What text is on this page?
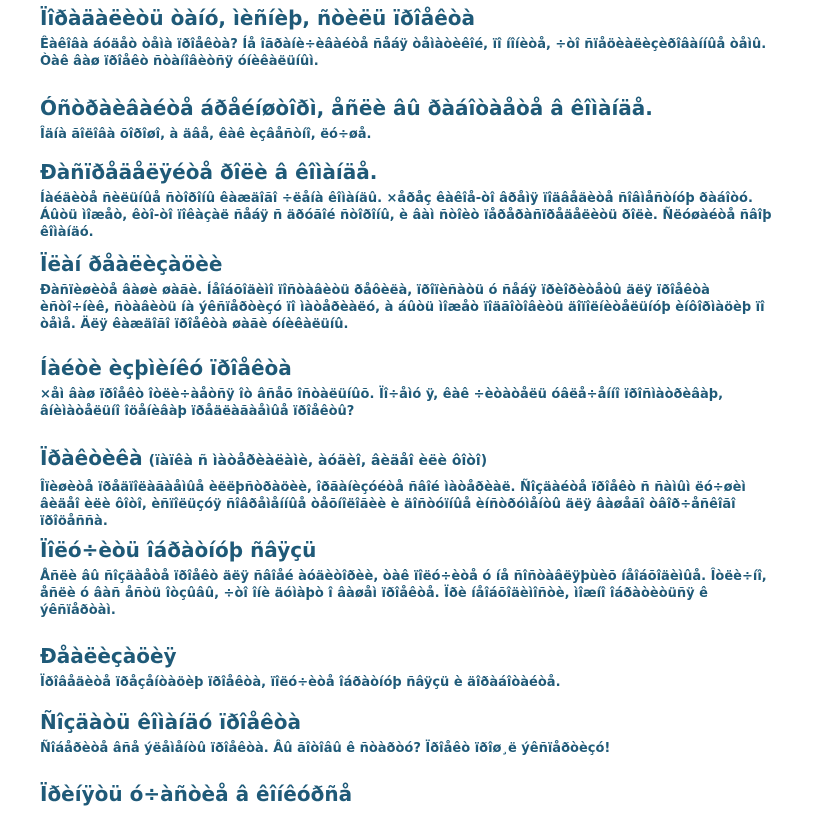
Ïîðàäàëèòü òàíó, ìèñíèþ, ñòèëü ïðîåêòà

Êàêîâà áóäåò òåìà ïðîåêòà? Íå îãðàíè÷èâàéòå ñåáÿ òåìàòèêîé, ïî íîíèòå, ÷òî ñïåöèàëèçèðîâàííûå òåìû. Òàê âàø ïðîåêò ñòàíîâèòñÿ óíèêàëüíûì.

Óñòðàèâàéòå áðåéíøòîðì, åñëè âû ðàáîòàåòå â êîìàíäå.

Îäíà ãîëîâà õîðîøî, à äâå, êàê èçâåñòíî, ëó÷øå.

Ðàñïðåäåëÿéòå ðîëè â êîìàíäå.

Íàéäèòå ñèëüíûå ñòîðîíû êàæäîãî ÷ëåíà êîìàíäû. ×åðåç êàêîå-òî âðåìÿ ïîäâåäèòå ñîâìåñòíóþ ðàáîòó. Áûòü ìîæåò, êòî-òî ïîêàçàë ñåáÿ ñ äðóãîé ñòîðîíû, è âàì ñòîèò ïåðåðàñïðåäåëèòü ðîëè. Ñëóøàéòå ñâîþ êîìàíäó.

Ïëàí ðåàëèçàöèè

Ðàñïèøèòå âàøè øàãè. Íåîáõîäèìî ïîñòàâèòü ðåôèëà, ïðîïèñàòü ó ñåáÿ ïðèîðèòåòû äëÿ ïðîåêòà èñòî÷íèê, ñòàâèòü íà ýêñïåðòèçó ïî ìàòåðèàëó, à áûòü ìîæåò ïîäãîòîâèòü äîïîëíèòåëüíóþ èíôîðìàöèþ ïî òåìå. Äëÿ êàæäîãî ïðîåêòà øàãè óíèêàëüíû.

Íàéòè èçþìèíêó ïðîåêòà

×åì âàø ïðîåêò îòëè÷àåòñÿ îò âñåõ îñòàëüíûõ. Ïî÷åìó ÿ, êàê ÷èòàòåëü óâëå÷åííî ïðîñìàòðèâàþ, âíèìàòåëüíî îöåíèâàþ ïðåäëàãàåìûå ïðîåêòû?

Ïðàêòèêà (ïàïêà ñ ìàòåðèàëàìè, àóäèî, âèäåî èëè ôîòî)

Îïèøèòå ïðåäïîëàãàåìûå èëëþñòðàöèè, îðãàíèçóéòå ñâîé ìàòåðèàë. Ñîçäàéòå ïðîåêò ñ ñàìûì ëó÷øèì âèäåî èëè ôîòî, èñïîëüçóÿ ñîâðåìåííûå òåõíîëîãèè è äîñòóïíûå èíñòðóìåíòû äëÿ âàøåãî òâîð÷åñêîãî ïðîöåññà.

Ïîëó÷èòü îáðàòíóþ ñâÿçü

Åñëè âû ñîçäàåòå ïðîåêò äëÿ ñâîåé àóäèòîðèè, òàê ïîëó÷èòå ó íå ñîñòàâëÿþùèõ íåîáõîäèìûå. Îòëè÷íî, åñëè ó âàñ åñòü îòçûâû, ÷òî îíè äóìàþò î âàøåì ïðîåêòå. Ïðè íåîáõîäèìîñòè, ìîæíî îáðàòèòüñÿ ê ýêñïåðòàì.

Ðåàëèçàöèÿ

Ïðîâåäèòå ïðåçåíòàöèþ ïðîåêòà, ïîëó÷èòå îáðàòíóþ ñâÿçü è äîðàáîòàéòå.

Ñîçäàòü êîìàíäó ïðîåêòà

Ñîáåðèòå âñå ýëåìåíòû ïðîåêòà. Âû ãîòîâû ê ñòàðòó? Ïðîåêò ïðîø¸ë ýêñïåðòèçó!

Ïðèíÿòü ó÷àñòèå â êîíêóðñå
